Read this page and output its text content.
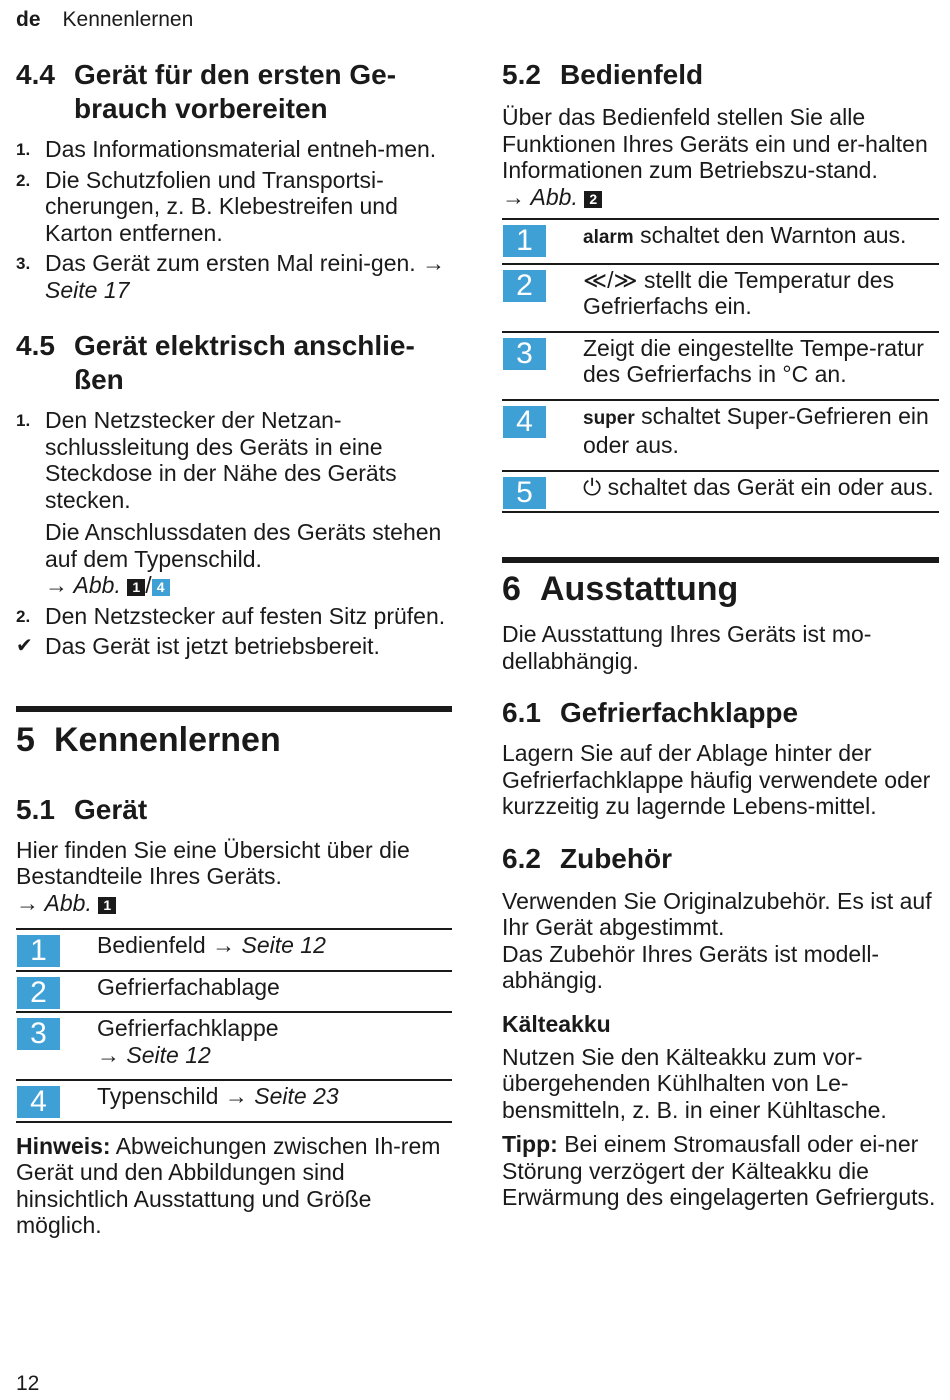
de Kennenlernen
4.4 Gerät für den ersten Ge-brauch vorbereiten
1. Das Informationsmaterial entneh-men.
2. Die Schutzfolien und Transportsi-cherungen, z. B. Klebestreifen und Karton entfernen.
3. Das Gerät zum ersten Mal reini-gen. → Seite 17
4.5 Gerät elektrisch anschlie-ßen
1. Den Netzstecker der Netzan-schlussleitung des Geräts in eine Steckdose in der Nähe des Geräts stecken.

Die Anschlussdaten des Geräts stehen auf dem Typenschild.
→ Abb. 1 / 4

2. Den Netzstecker auf festen Sitz prüfen.
✔ Das Gerät ist jetzt betriebsbereit.
5 Kennenlernen
5.1 Gerät

Hier finden Sie eine Übersicht über die Bestandteile Ihres Geräts.
→ Abb. 1

1	Bedienfeld → Seite 12
2	Gefrierfachablage
3	Gefrierfachklappe
→ Seite 12
4	Typenschild → Seite 23

Hinweis: Abweichungen zwischen Ih-rem Gerät und den Abbildungen sind hinsichtlich Ausstattung und Größe möglich.

5.2 Bedienfeld

Über das Bedienfeld stellen Sie alle Funktionen Ihres Geräts ein und er-halten Informationen zum Betriebszu-stand.
→ Abb. 2

1	alarm schaltet den Warnton aus.
2	≪/≫ stellt die Temperatur des Gefrierfachs ein.
3	Zeigt die eingestellte Tempe-ratur des Gefrierfachs in °C an.
4	super schaltet Super-Gefrieren ein oder aus.
5	⏻ schaltet das Gerät ein oder aus.
6 Ausstattung

Die Ausstattung Ihres Geräts ist mo-dellabhängig.

6.1 Gefrierfachklappe

Lagern Sie auf der Ablage hinter der Gefrierfachklappe häufig verwendete oder kurzzeitig zu lagernde Lebens-mittel.

6.2 Zubehör

Verwenden Sie Originalzubehör. Es ist auf Ihr Gerät abgestimmt.
Das Zubehör Ihres Geräts ist modell-abhängig.

Kälteakku

Nutzen Sie den Kälteakku zum vor-übergehenden Kühlhalten von Le-bensmitteln, z. B. in einer Kühltasche.

Tipp: Bei einem Stromausfall oder ei-ner Störung verzögert der Kälteakku die Erwärmung des eingelagerten Gefrierguts.

12
